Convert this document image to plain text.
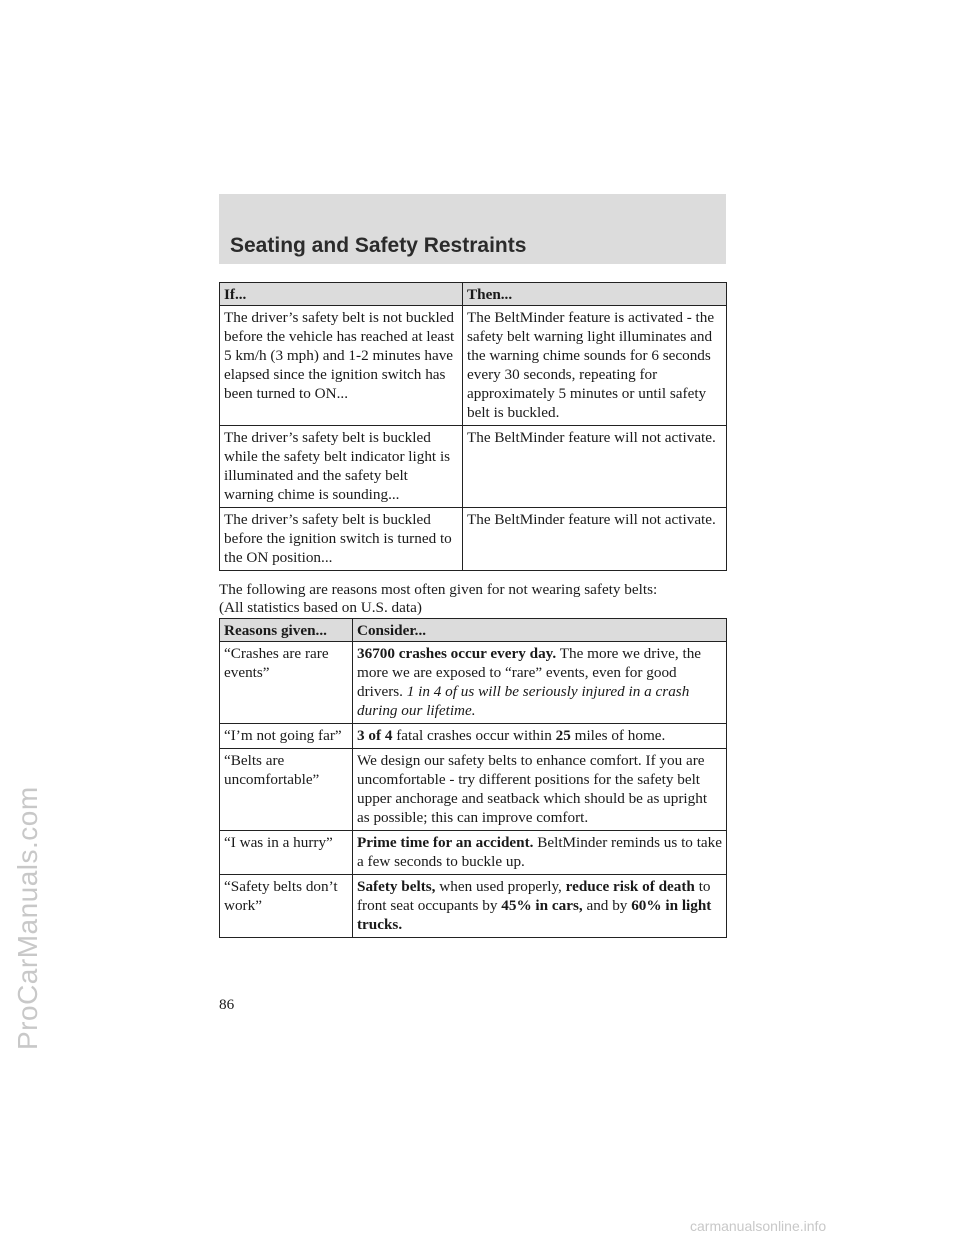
ProCarManuals.com
Seating and Safety Restraints
If...	Then...
The driver’s safety belt is not buckled before the vehicle has reached at least 5 km/h (3 mph) and 1-2 minutes have elapsed since the ignition switch has been turned to ON...	The BeltMinder feature is activated - the safety belt warning light illuminates and the warning chime sounds for 6 seconds every 30 seconds, repeating for approximately 5 minutes or until safety belt is buckled.
The driver’s safety belt is buckled while the safety belt indicator light is illuminated and the safety belt warning chime is sounding...	The BeltMinder feature will not activate.
The driver’s safety belt is buckled before the ignition switch is turned to the ON position...	The BeltMinder feature will not activate.
The following are reasons most often given for not wearing safety belts:
(All statistics based on U.S. data)
Reasons given...	Consider...
“Crashes are rare events”	36700 crashes occur every day. The more we drive, the more we are exposed to “rare” events, even for good drivers. 1 in 4 of us will be seriously injured in a crash during our lifetime.
“I’m not going far”	3 of 4 fatal crashes occur within 25 miles of home.
“Belts are uncomfortable”	We design our safety belts to enhance comfort. If you are uncomfortable - try different positions for the safety belt upper anchorage and seatback which should be as upright as possible; this can improve comfort.
“I was in a hurry”	Prime time for an accident. BeltMinder reminds us to take a few seconds to buckle up.
“Safety belts don’t work”	Safety belts, when used properly, reduce risk of death to front seat occupants by 45% in cars, and by 60% in light trucks.
86
carmanualsonline.info
